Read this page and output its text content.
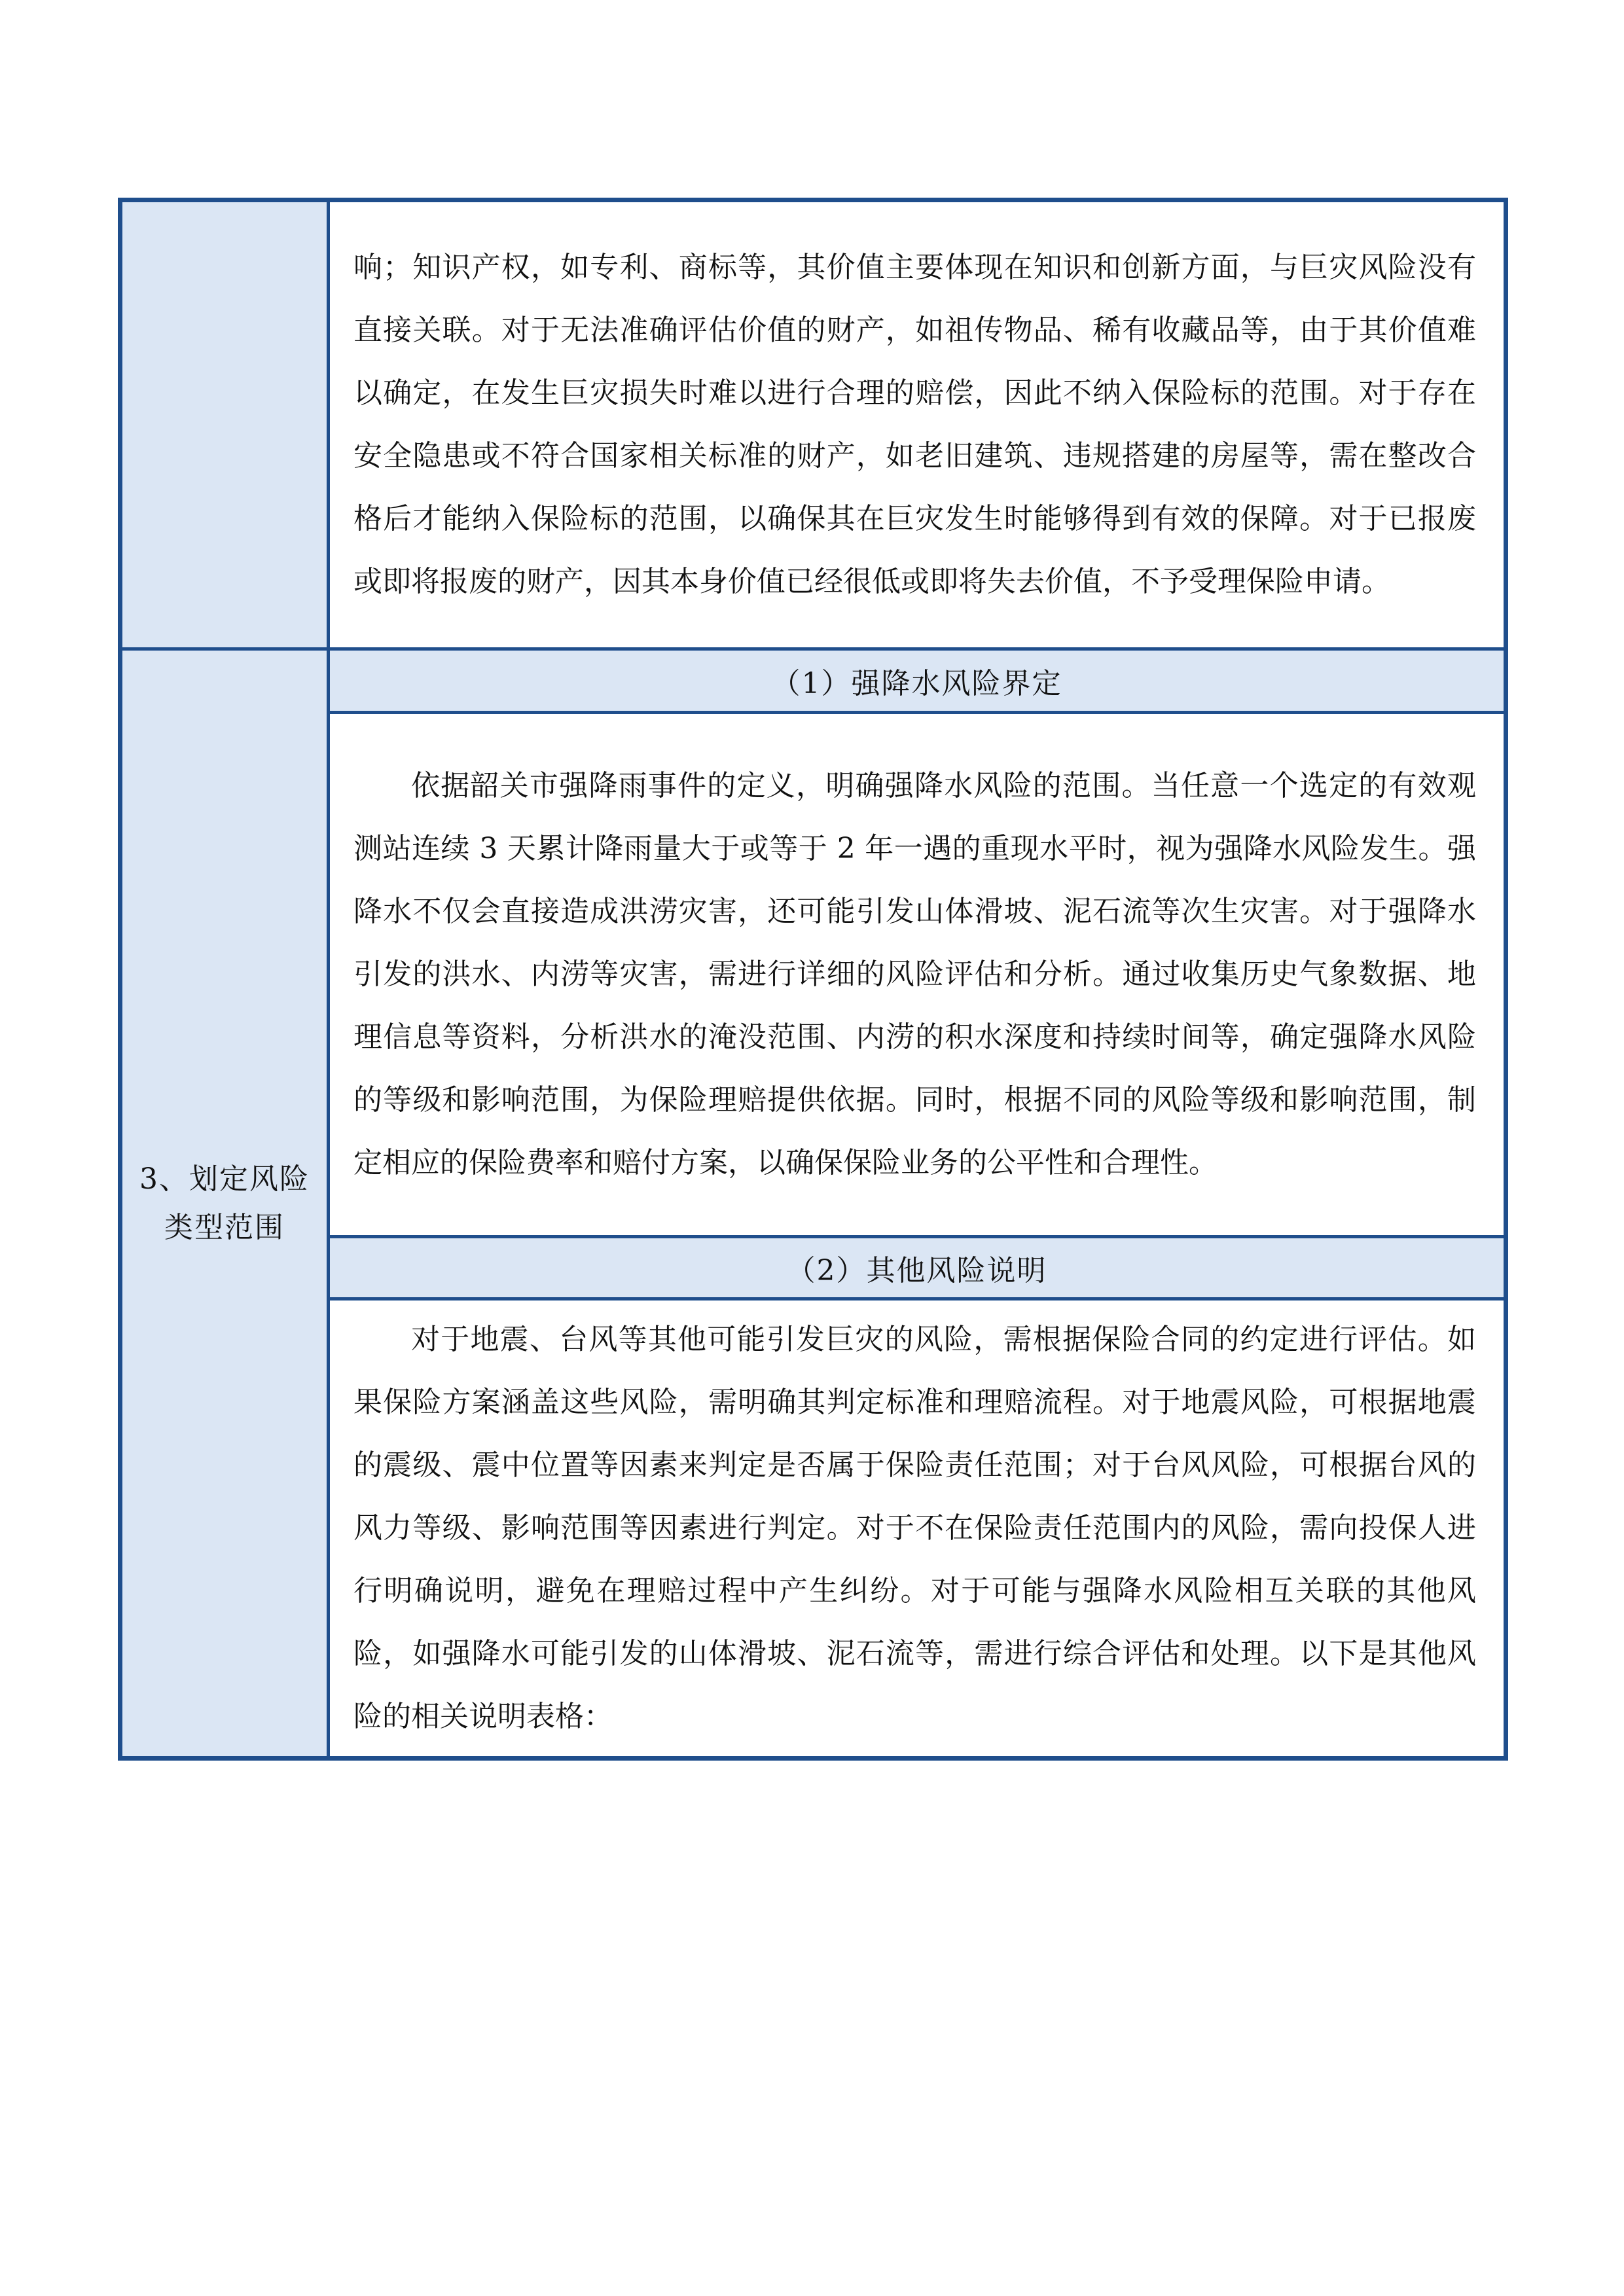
	响；知识产权，如专利、商标等，其价值主要体现在知识和创新方面，与巨灾风险没有直接关联。对于无法准确评估价值的财产，如祖传物品、稀有收藏品等，由于其价值难以确定，在发生巨灾损失时难以进行合理的赔偿，因此不纳入保险标的范围。对于存在安全隐患或不符合国家相关标准的财产，如老旧建筑、违规搭建的房屋等，需在整改合格后才能纳入保险标的范围，以确保其在巨灾发生时能够得到有效的保障。对于已报废或即将报废的财产，因其本身价值已经很低或即将失去价值，不予受理保险申请。

3、划定风险类型范围	（1）强降水风险界定

	依据韶关市强降雨事件的定义，明确强降水风险的范围。当任意一个选定的有效观测站连续 3 天累计降雨量大于或等于 2 年一遇的重现水平时，视为强降水风险发生。强降水不仅会直接造成洪涝灾害，还可能引发山体滑坡、泥石流等次生灾害。对于强降水引发的洪水、内涝等灾害，需进行详细的风险评估和分析。通过收集历史气象数据、地理信息等资料，分析洪水的淹没范围、内涝的积水深度和持续时间等，确定强降水风险的等级和影响范围，为保险理赔提供依据。同时，根据不同的风险等级和影响范围，制定相应的保险费率和赔付方案，以确保保险业务的公平性和合理性。

	（2）其他风险说明

	对于地震、台风等其他可能引发巨灾的风险，需根据保险合同的约定进行评估。如果保险方案涵盖这些风险，需明确其判定标准和理赔流程。对于地震风险，可根据地震的震级、震中位置等因素来判定是否属于保险责任范围；对于台风风险，可根据台风的风力等级、影响范围等因素进行判定。对于不在保险责任范围内的风险，需向投保人进行明确说明，避免在理赔过程中产生纠纷。对于可能与强降水风险相互关联的其他风险，如强降水可能引发的山体滑坡、泥石流等，需进行综合评估和处理。以下是其他风险的相关说明表格：
